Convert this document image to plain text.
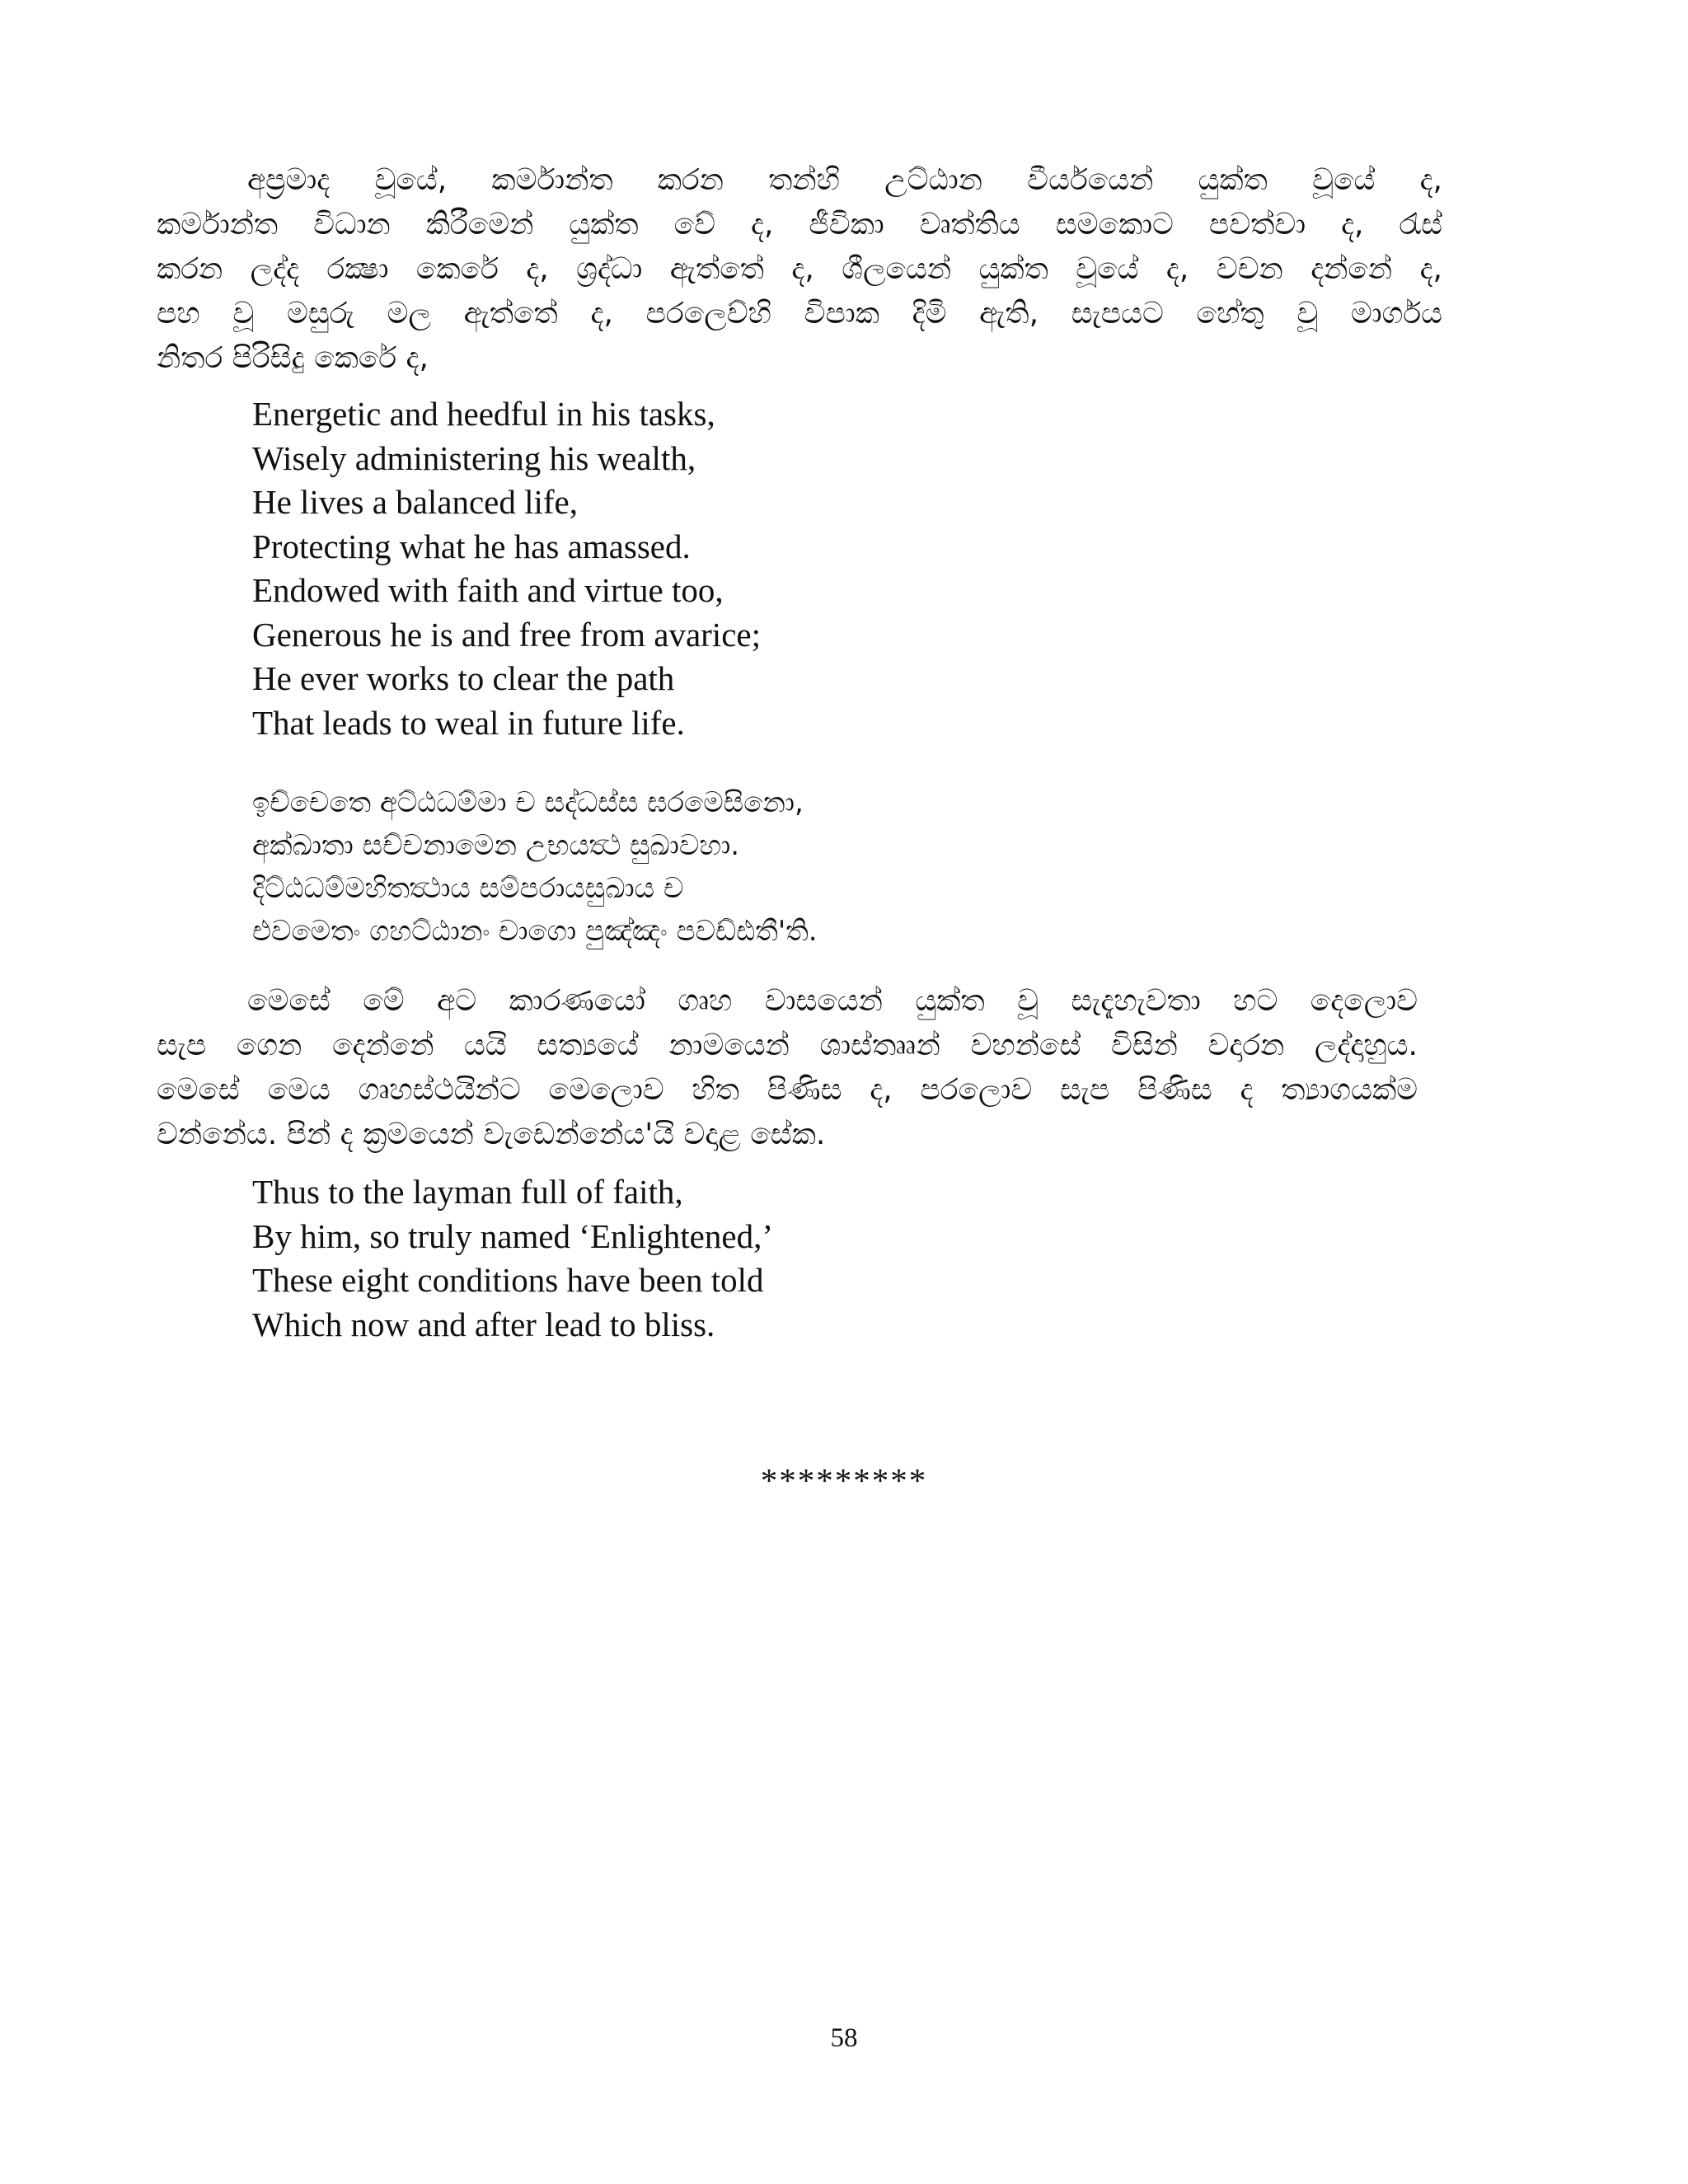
අප්‍රමාද වූයේ, කර්මාන්ත කරන තන්හි උට්ඨාන වීර්යයෙන් යුක්ත වූයේ ද,
කර්මාන්ත විධාන කිරීමෙන් යුක්ත වේ ද, ජීවිකා වෘත්තිය සමකොට පවත්වා ද, රැස්
කරන ලද්ද රක්‍ෂා කෙරේ ද, ශ්‍රද්ධා ඇත්තේ ද, ශීලයෙන් යුක්ත වූයේ ද, වචන දන්නේ ද,
පහ වූ මසුරු මල ඇත්තේ ද, පරලෙව්හි විපාක දිමි ඇති, සැපයට හේතු වූ මාර්ගය
නිතර පිරිසිදු කෙරේ ද,
Energetic and heedful in his tasks,
Wisely administering his wealth,
He lives a balanced life,
Protecting what he has amassed.
Endowed with faith and virtue too,
Generous he is and free from avarice;
He ever works to clear the path
That leads to weal in future life.
ඉච්චෙතෙ අට්ඨධම්මා ච සද්ධස්ස ඝරමෙසිනො,
අක්ඛාතා සච්චනාමෙන උභයත්‍ථ සුඛාවහා.
දිට්ඨධම්මහිතත්‍ථාය සම්පරායසුඛාය ච
එවමෙතං ගහට්ඨානං චාගො පුඤ්ඤං පවඩ්ඪතී'ති.
මෙසේ මේ අට කාරණයෝ ගෘහ වාසයෙන් යුක්ත වූ සැදැහැවතා හට දෙලොව
සැප ගෙන දෙන්නේ යයි සත්‍යයේ නාමයෙන් ශාස්තෲන් වහන්සේ විසින් වදාරන ලද්දාහුය.
මෙසේ මෙය ගෘහස්ථයින්ට මෙලොව හිත පිණිස ද, පරලොව සැප පිණිස ද ත්‍යාගයක්ම
වන්නේය. පින් ද ක්‍රමයෙන් වැඩෙන්නේය'යි වදාළ සේක.
Thus to the layman full of faith,
By him, so truly named ‘Enlightened,’
These eight conditions have been told
Which now and after lead to bliss.
*********
58
